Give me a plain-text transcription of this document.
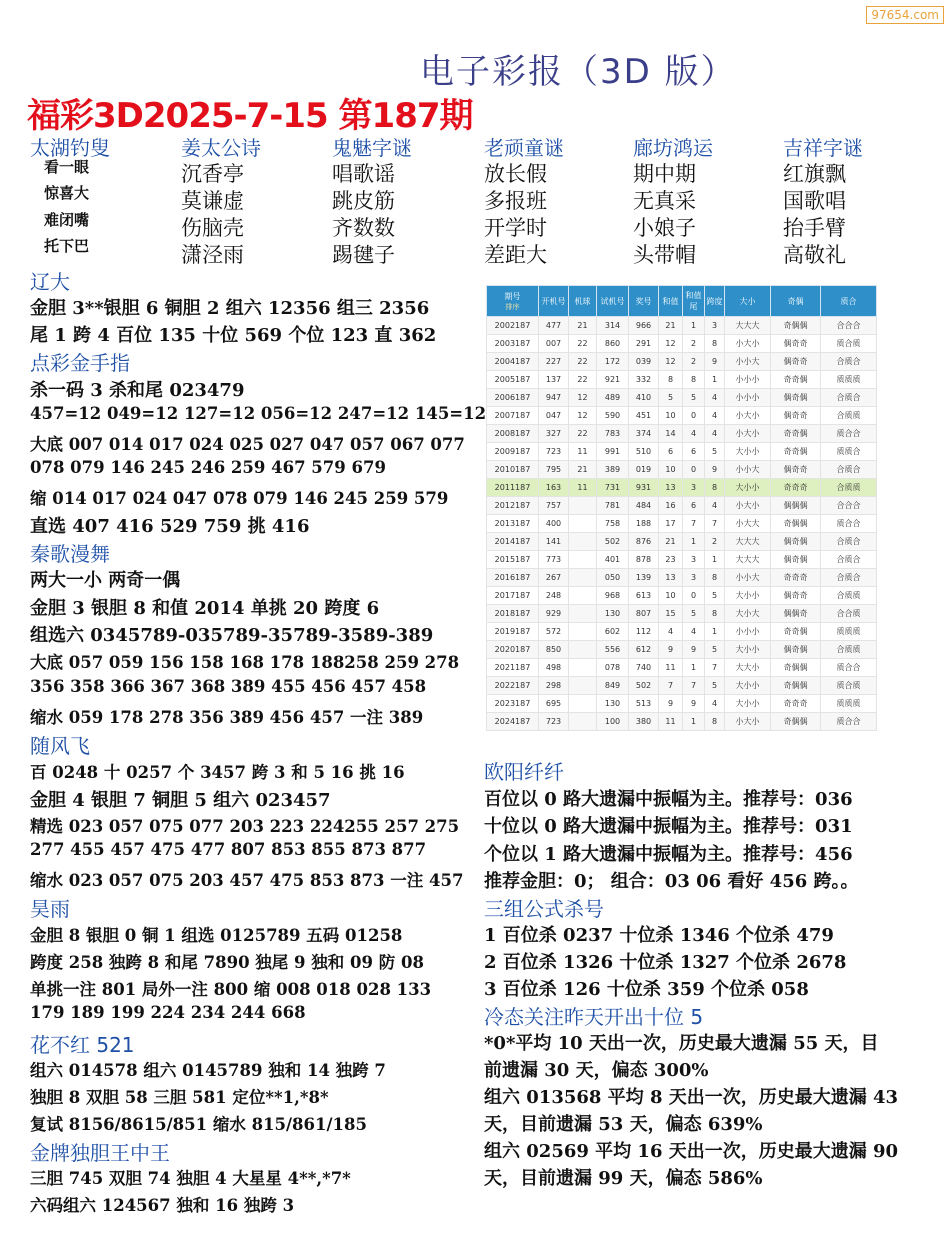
97654.com
电子彩报（3D 版）
福彩3D2025-7-15 第187期
太湖钓叟
看一眼
惊喜大
难闭嘴
托下巴
姜太公诗
沉香亭
莫谦虚
伤脑壳
潇泾雨
鬼魅字谜
唱歌谣
跳皮筋
齐数数
踢毽子
老顽童谜
放长假
多报班
开学时
差距大
廊坊鸿运
期中期
无真采
小娘子
头带帽
吉祥字谜
红旗飘
国歌唱
抬手臂
高敬礼
辽大
金胆 3**银胆 6 铜胆 2 组六 12356 组三 2356
尾 1 跨 4 百位 135 十位 569 个位 123 直 362
点彩金手指
杀一码 3 杀和尾 023479
457=12 049=12 127=12 056=12 247=12 145=12
大底 007 014 017 024 025 027 047 057 067 077
078 079 146 245 246 259 467 579 679
缩 014 017 024 047 078 079 146 245 259 579
直选 407 416 529 759 挑 416
秦歌漫舞
两大一小 两奇一偶
金胆 3 银胆 8 和值 2014 单挑 20 跨度 6
组选六 0345789-035789-35789-3589-389
大底 057 059 156 158 168 178 188258 259 278
356 358 366 367 368 389 455 456 457 458
缩水 059 178 278 356 389 456 457 一注 389
随风飞
百 0248 十 0257 个 3457 跨 3 和 5 16 挑 16
金胆 4 银胆 7 铜胆 5 组六 023457
精选 023 057 075 077 203 223 224255 257 275
277 455 457 475 477 807 853 855 873 877
缩水 023 057 075 203 457 475 853 873 一注 457
昊雨
金胆 8 银胆 0 铜 1 组选 0125789 五码 01258
跨度 258 独跨 8 和尾 7890 独尾 9 独和 09 防 08
单挑一注 801 局外一注 800 缩 008 018 028 133
179 189 199 224 234 244 668
花不红 521
组六 014578 组六 0145789 独和 14 独跨 7
独胆 8 双胆 58 三胆 581 定位**1,*8*
复试 8156/8615/851 缩水 815/861/185
金牌独胆王中王
三胆 745 双胆 74 独胆 4 大星星 4**,*7*
六码组六 124567 独和 16 独跨 3
期号
排序	开机号	机球	试机号	奖号	和值	和值尾	跨度	大小	奇偶	质合
2002187	477	21	314	966	21	1	3	大大大	奇偶偶	合合合
2003187	007	22	860	291	12	2	8	小大小	偶奇奇	质合质
2004187	227	22	172	039	12	2	9	小小大	偶奇奇	合质合
2005187	137	22	921	332	8	8	1	小小小	奇奇偶	质质质
2006187	947	12	489	410	5	5	4	小小小	偶奇偶	合质合
2007187	047	12	590	451	10	0	4	小大小	偶奇奇	合质质
2008187	327	22	783	374	14	4	4	小大小	奇奇偶	质合合
2009187	723	11	991	510	6	6	5	大小小	奇奇偶	质质合
2010187	795	21	389	019	10	0	9	小小大	偶奇奇	合质合
2011187	163	11	731	931	13	3	8	大小小	奇奇奇	合质质
2012187	757		781	484	16	6	4	小大小	偶偶偶	合合合
2013187	400		758	188	17	7	7	小大大	奇偶偶	质合合
2014187	141		502	876	21	1	2	大大大	偶奇偶	合质合
2015187	773		401	878	23	3	1	大大大	偶奇偶	合质合
2016187	267		050	139	13	3	8	小小大	奇奇奇	合质合
2017187	248		968	613	10	0	5	大小小	偶奇奇	合质质
2018187	929		130	807	15	5	8	大小大	偶偶奇	合合质
2019187	572		602	112	4	4	1	小小小	奇奇偶	质质质
2020187	850		556	612	9	9	5	大小小	偶奇偶	合质质
2021187	498		078	740	11	1	7	大大小	奇偶偶	质合合
2022187	298		849	502	7	7	5	大小小	奇偶偶	质合质
2023187	695		130	513	9	9	4	大小小	奇奇奇	质质质
2024187	723		100	380	11	1	8	小大小	奇偶偶	质合合
欧阳纤纤
百位以 0 路大遗漏中振幅为主。推荐号：036
十位以 0 路大遗漏中振幅为主。推荐号：031
个位以 1 路大遗漏中振幅为主。推荐号：456
推荐金胆：0； 组合：03 06 看好 456 跨。。
三组公式杀号
1 百位杀 0237 十位杀 1346 个位杀 479
2 百位杀 1326 十位杀 1327 个位杀 2678
3 百位杀 126 十位杀 359 个位杀 058
冷态关注昨天开出十位 5
*0*平均 10 天出一次，历史最大遗漏 55 天，目
前遗漏 30 天，偏态 300%
组六 013568 平均 8 天出一次，历史最大遗漏 43
天，目前遗漏 53 天，偏态 639%
组六 02569 平均 16 天出一次，历史最大遗漏 90
天，目前遗漏 99 天，偏态 586%
